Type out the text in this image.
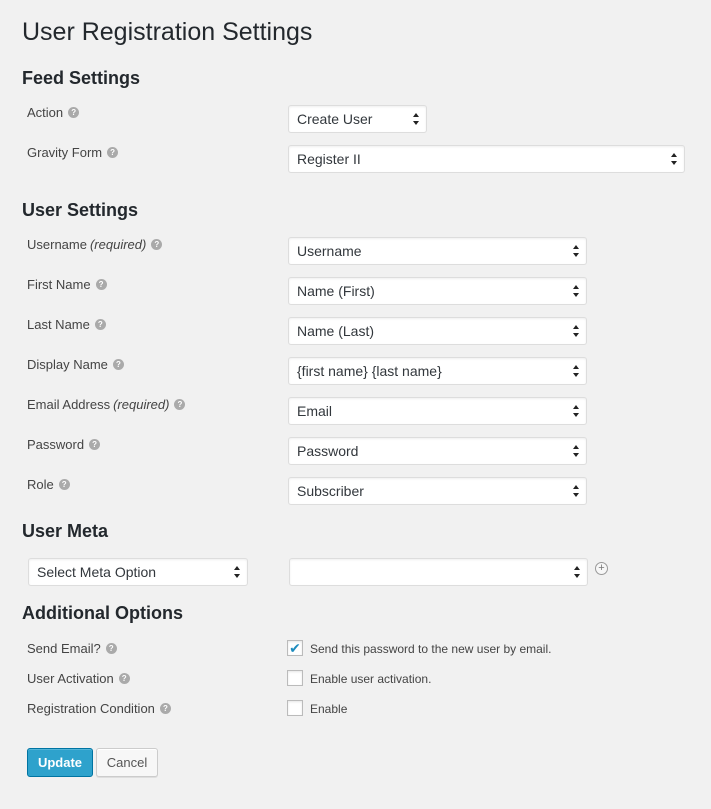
User Registration Settings
Feed Settings
Action	?	Create User
Gravity Form	?	Register II
User Settings
Username (required)	?	Username
First Name	?	Name (First)
Last Name	?	Name (Last)
Display Name	?	{first name} {last name}
Email Address (required)	?	Email
Password	?	Password
Role	?	Subscriber
User Meta
Select Meta Option	+
Additional Options
Send Email?	?	✔ Send this password to the new user by email.
User Activation	?	Enable user activation.
Registration Condition	?	Enable
Update	Cancel
